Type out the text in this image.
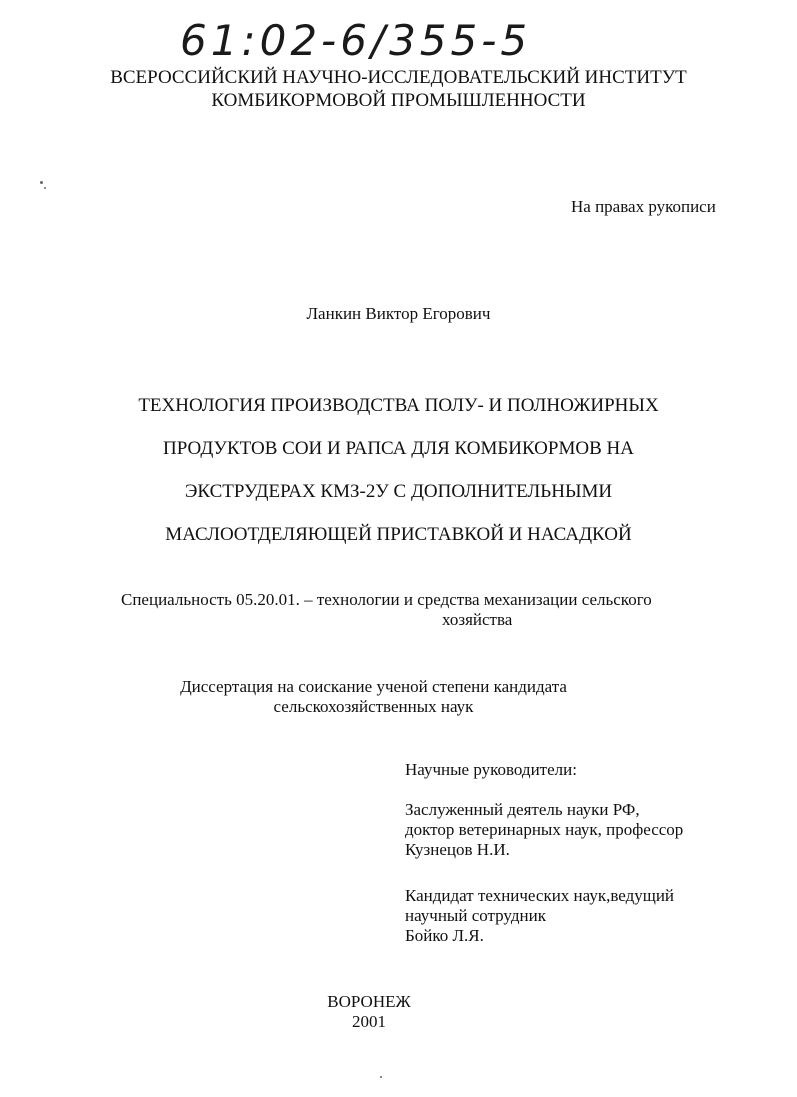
61:02-6/355-5
ВСЕРОССИЙСКИЙ НАУЧНО-ИССЛЕДОВАТЕЛЬСКИЙ ИНСТИТУТ
КОМБИКОРМОВОЙ ПРОМЫШЛЕННОСТИ
На правах рукописи
Ланкин Виктор Егорович
ТЕХНОЛОГИЯ ПРОИЗВОДСТВА ПОЛУ- И ПОЛНОЖИРНЫХ
ПРОДУКТОВ СОИ И РАПСА ДЛЯ КОМБИКОРМОВ НА
ЭКСТРУДЕРАХ КМЗ-2У С ДОПОЛНИТЕЛЬНЫМИ
МАСЛООТДЕЛЯЮЩЕЙ ПРИСТАВКОЙ И НАСАДКОЙ
Специальность 05.20.01. – технологии и средства механизации сельского
хозяйства
Диссертация на соискание ученой степени кандидата
сельскохозяйственных наук
Научные руководители:
Заслуженный деятель науки РФ,
доктор ветеринарных наук, профессор
Кузнецов Н.И.
Кандидат технических наук,ведущий
научный сотрудник
Бойко Л.Я.
ВОРОНЕЖ
2001
